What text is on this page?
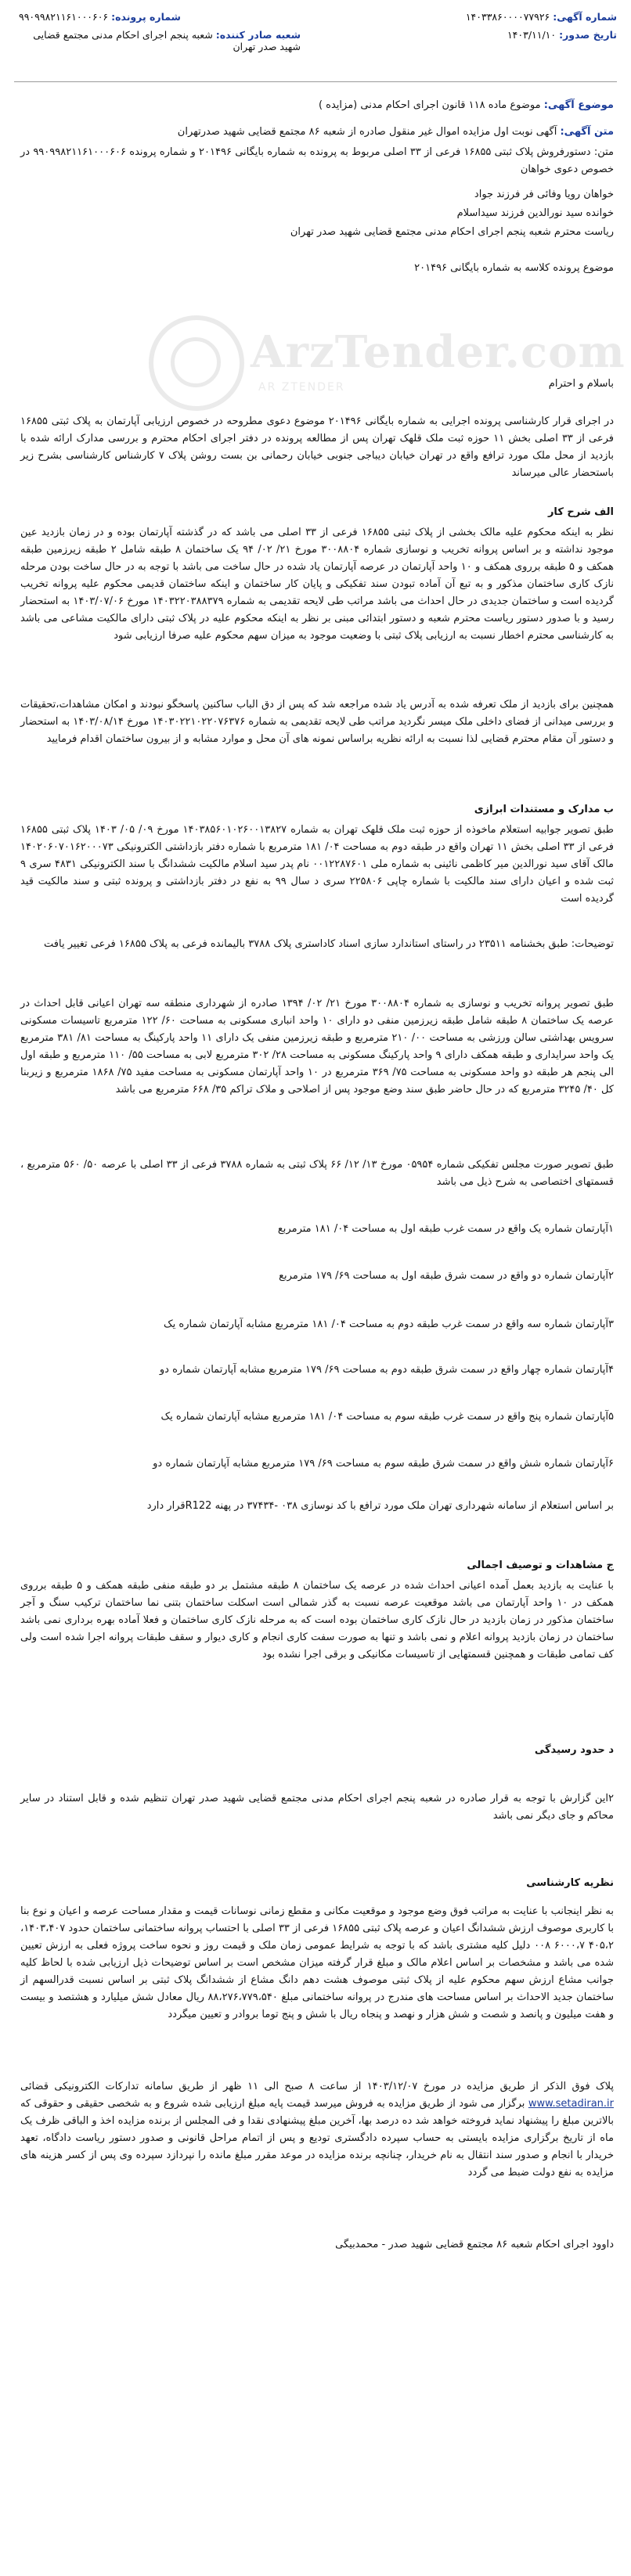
شماره آگهی: ۱۴۰۳۳۸۶۰۰۰۰۷۷۹۲۶
شماره پرونده: ۹۹۰۹۹۸۲۱۱۶۱۰۰۰۶۰۶
تاریخ صدور: ۱۴۰۳/۱۱/۱۰
شعبه صادر کننده: شعبه پنجم اجرای احکام مدنی مجتمع قضایی شهید صدر تهران
موضوع آگهی: موضوع ماده ۱۱۸ قانون اجرای احکام مدنی (مزایده )
متن آگهی: آگهی نوبت اول مزایده اموال غیر منقول صادره از شعبه ۸۶ مجتمع قضایی شهید صدرتهران
متن: دستورفروش پلاک ثبتی ۱۶۸۵۵ فرعی از ۳۳ اصلی مربوط به پرونده به شماره بایگانی ۲۰۱۴۹۶ و شماره پرونده ۹۹۰۹۹۸۲۱۱۶۱۰۰۰۶۰۶ در خصوص دعوی خواهان
خواهان رویا وفائی فر فرزند جواد
خوانده سید نورالدین فرزند سیداسلام
ریاست محترم شعبه پنجم اجرای احکام مدنی مجتمع قضایی شهید صدر تهران
موضوع پرونده کلاسه به شماره بایگانی ۲۰۱۴۹۶
ArzTender.com
AR ZTENDER	باسلام و احترام
در اجرای قرار کارشناسی پرونده اجرایی به شماره بایگانی ۲۰۱۴۹۶ موضوع دعوی مطروحه در خصوص ارزیابی آپارتمان به پلاک ثبتی ۱۶۸۵۵ فرعی از ۳۳ اصلی بخش ۱۱ حوزه ثبت ملک قلهک تهران پس از مطالعه پرونده در دفتر اجرای احکام محترم و بررسی مدارک ارائه شده با بازدید از محل ملک مورد ترافع واقع در تهران خیابان دیباجی جنوبی خیابان رحمانی بن بست روشن پلاک ۷ کارشناس کارشناسی بشرح زیر باستحضار عالی میرساند
الف شرح کار
نظر به اینکه محکوم علیه مالک بخشی از پلاک ثبتی ۱۶۸۵۵ فرعی از ۳۳ اصلی می باشد که در گذشته آپارتمان بوده و در زمان بازدید عین موجود نداشته و بر اساس پروانه تخریب و نوسازی شماره ۳۰۰۸۸۰۴ مورخ ۲۱/ ۰۲/ ۹۴ یک ساختمان ۸ طبقه شامل ۲ طبقه زیرزمین طبقه همکف و ۵ طبقه برروی همکف و ۱۰ واحد آپارتمان در عرصه آپارتمان یاد شده در حال ساخت می باشد با توجه به در حال ساخت بودن مرحله نازک کاری ساختمان مذکور و به تبع آن آماده تبودن سند تفکیکی و پایان کار ساختمان و اینکه ساختمان قدیمی محکوم علیه پروانه تخریب گردیده است و ساختمان جدیدی در حال احداث می باشد مراتب طی لایحه تقدیمی به شماره ۱۴۰۳۲۲۰۳۸۸۳۷۹ مورخ ۱۴۰۳/۰۷/۰۶ به استحضار رسید و با صدور دستور ریاست محترم شعبه و دستور ابتدائی مبنی بر نظر به اینکه محکوم علیه در پلاک ثبتی دارای مالکیت مشاعی می باشد به کارشناسی محترم اخطار نسبت به ارزیابی پلاک ثبتی با وضعیت موجود به میزان سهم محکوم علیه صرفا ارزیابی شود
همچنین برای بازدید از ملک تعرفه شده به آدرس یاد شده مراجعه شد که پس از دق الباب ساکنین پاسخگو نبودند و امکان مشاهدات،تحقیقات و بررسی میدانی از فضای داخلی ملک میسر نگردید مراتب طی لایحه تقدیمی به شماره ۱۴۰۳۰۲۲۱۰۲۲۰۷۶۳۷۶ مورخ ۱۴۰۳/۰۸/۱۴ به استحضار و دستور آن مقام محترم قضایی لذا نسبت به ارائه نظریه براساس نمونه های آن محل و موارد مشابه و از بیرون ساختمان اقدام فرمایید
ب مدارک و مستندات ابرازی
طبق تصویر جوابیه استعلام ماخوذه از حوزه ثبت ملک قلهک تهران به شماره ۱۴۰۳۸۵۶۰۱۰۲۶۰۰۱۳۸۲۷ مورخ ۰۹/ ۰۵/ ۱۴۰۳ پلاک ثبتی ۱۶۸۵۵ فرعی از ۳۳ اصلی بخش ۱۱ تهران واقع در طبقه دوم به مساحت ۰۴/ ۱۸۱ مترمربع با شماره دفتر بازداشتی الکترونیکی ۱۴۰۲۰۶۰۷۰۱۶۲۰۰۰۷۳ مالک آقای سید نورالدین میر کاظمی نائینی به شماره ملی ۰۰۱۲۲۸۷۶۰۱ نام پدر سید اسلام مالکیت ششدانگ با سند الکترونیکی ۴۸۳۱ سری ۹ ثبت شده و اعیان دارای سند مالکیت با شماره چاپی ۲۲۵۸۰۶ سری د سال ۹۹ به نفع در دفتر بازداشتی و پرونده ثبتی و سند مالکیت قید گردیده است
توضیحات: طبق بخشنامه ۲۳۵۱۱ در راستای استاندارد سازی اسناد کاداستری پلاک ۳۷۸۸ بالیمانده فرعی به پلاک ۱۶۸۵۵ فرعی تغییر یافت
طبق تصویر پروانه تخریب و نوسازی به شماره ۳۰۰۸۸۰۴ مورخ ۲۱/ ۰۲/ ۱۳۹۴ صادره از شهرداری منطقه سه تهران اعیانی قابل احداث در عرصه یک ساختمان ۸ طبقه شامل طبقه زیرزمین منفی دو دارای ۱۰ واحد انباری مسکونی به مساحت ۶۰/ ۱۲۲ مترمربع تاسیسات مسکونی سرویس بهداشتی سالن ورزشی به مساحت ۰۰/ ۲۱۰ مترمربع و طبقه زیرزمین منفی یک دارای ۱۱ واحد پارکینگ به مساحت ۸۱/ ۳۸۱ مترمربع یک واحد سرایداری و طبقه همکف دارای ۹ واحد پارکینگ مسکونی به مساحت ۲۸/ ۳۰۲ مترمربع لابی به مساحت ۵۵/ ۱۱۰ مترمربع و طبقه اول الی پنجم هر طبقه دو واحد مسکونی به مساحت ۷۵/ ۳۶۹ مترمربع در ۱۰ واحد آپارتمان مسکونی به مساحت مفید ۷۵/ ۱۸۶۸ مترمربع و زیربنا کل ۴۰/ ۳۲۴۵ مترمربع که در حال حاضر طبق سند وضع موجود پس از اصلاحی و ملاک تراکم ۳۵/ ۶۶۸ مترمربع می باشد
طبق تصویر صورت مجلس تفکیکی شماره ۰۵۹۵۴ مورخ ۱۳/ ۱۲/ ۶۶ پلاک ثبتی به شماره ۳۷۸۸ فرعی از ۳۳ اصلی با عرصه ۵۰/ ۵۶۰ مترمربع ، قسمتهای اختصاصی به شرح ذیل می باشد
۱آپارتمان شماره یک واقع در سمت غرب طبقه اول به مساحت ۰۴/ ۱۸۱ مترمربع
۲آپارتمان شماره دو واقع در سمت شرق طبقه اول به مساحت ۶۹/ ۱۷۹ مترمربع
۳آپارتمان شماره سه واقع در سمت غرب طبقه دوم به مساحت ۰۴/ ۱۸۱ مترمربع مشابه آپارتمان شماره یک
۴آپارتمان شماره چهار واقع در سمت شرق طبقه دوم به مساحت ۶۹/ ۱۷۹ مترمربع مشابه آپارتمان شماره دو
۵آپارتمان شماره پنج واقع در سمت غرب طبقه سوم به مساحت ۰۴/ ۱۸۱ مترمربع مشابه آپارتمان شماره یک
۶آپارتمان شماره شش واقع در سمت شرق طبقه سوم به مساحت ۶۹/ ۱۷۹ مترمربع مشابه آپارتمان شماره دو
بر اساس استعلام از سامانه شهرداری تهران ملک مورد ترافع با کد نوسازی ۰۳۸ -۳۷۴۳۴ در پهنه R122قرار دارد
ج مشاهدات و توصیف اجمالی
با عنایت به بازدید بعمل آمده اعیانی احداث شده در عرصه یک ساختمان ۸ طبقه مشتمل بر دو طبقه منفی طبقه همکف و ۵ طبقه برروی همکف در ۱۰ واحد آپارتمان می باشد موقعیت عرصه نسبت به گذر شمالی است اسکلت ساختمان بتنی نما ساختمان ترکیب سنگ و آجر ساختمان مذکور در زمان بازدید در حال نازک کاری ساختمان بوده است که به مرحله نازک کاری ساختمان و فعلا آماده بهره برداری نمی باشد ساختمان در زمان بازدید پروانه اعلام و نمی باشد و تنها به صورت سفت کاری انجام و کاری دیوار و سقف طبقات پروانه اجرا شده است ولی کف تمامی طبقات و همچنین قسمتهایی از تاسیسات مکانیکی و برقی اجرا نشده بود
د حدود رسیدگی
۲این گزارش با توجه به قرار صادره در شعبه پنجم اجرای احکام مدنی مجتمع قضایی شهید صدر تهران تنظیم شده و قابل استناد در سایر محاکم و جای دیگر نمی باشد
نظریه کارشناسی
به نظر اینجانب با عنایت به مراتب فوق وضع موجود و موقعیت مکانی و مقطع زمانی نوسانات قیمت و مقدار مساحت عرصه و اعیان و نوع بنا با کاربری موصوف ارزش ششدانگ اعیان و عرصه پلاک ثبتی ۱۶۸۵۵ فرعی از ۳۳ اصلی با احتساب پروانه ساختمانی ساختمان حدود ۱۴۰۳،۴۰۷، ۴۰۵،۲ ۶۰۰۰،۷ ۰۰۸ دلیل کلیه مشتری باشد که با توجه به شرایط عمومی زمان ملک و قیمت روز و نحوه ساخت پروژه فعلی به ارزش تعیین شده می باشد و مشخصات بر اساس اعلام مالک و مبلغ قرار گرفته میزان مشخص است بر اساس توضیحات ذیل ارزیابی شده با لحاظ کلیه جوانب مشاع ارزش سهم محکوم علیه از پلاک ثبتی موصوف هشت دهم دانگ مشاع از ششدانگ پلاک ثبتی بر اساس نسبت قدرالسهم از ساختمان جدید الاحداث بر اساس مساحت های مندرج در پروانه ساختمانی مبلغ ۸۸،۲۷۶،۷۷۹،۵۴۰ ریال معادل شش میلیارد و هشتصد و بیست و هفت میلیون و پانصد و شصت و شش هزار و نهصد و پنجاه ریال با شش و پنج توما بروادر و تعیین میگردد
پلاک فوق الذکر از طریق مزایده در مورخ ۱۴۰۳/۱۲/۰۷ از ساعت ۸ صبح الی ۱۱ ظهر از طریق سامانه تدارکات الکترونیکی قضائی www.setadiran.ir برگزار می شود از طریق مزایده به فروش میرسد قیمت پایه مبلغ ارزیابی شده شروع و به شخصی حقیقی و حقوقی که بالاترین مبلغ را پیشنهاد نماید فروخته خواهد شد ده درصد بها، آخرین مبلغ پیشنهادی نقدا و فی المجلس از برنده مزایده اخذ و الباقی ظرف یک ماه از تاریخ برگزاری مزایده بایستی به حساب سپرده دادگستری تودیع و پس از اتمام مراحل قانونی و صدور دستور ریاست دادگاه، تعهد خریدار با انجام و صدور سند انتقال به نام خریدار، چنانچه برنده مزایده در موعد مقرر مبلغ مانده را نپردازد سپرده وی پس از کسر هزینه های مزایده به نفع دولت ضبط می گردد
داوود اجرای احکام شعبه ۸۶ مجتمع قضایی شهید صدر - محمدبیگی
